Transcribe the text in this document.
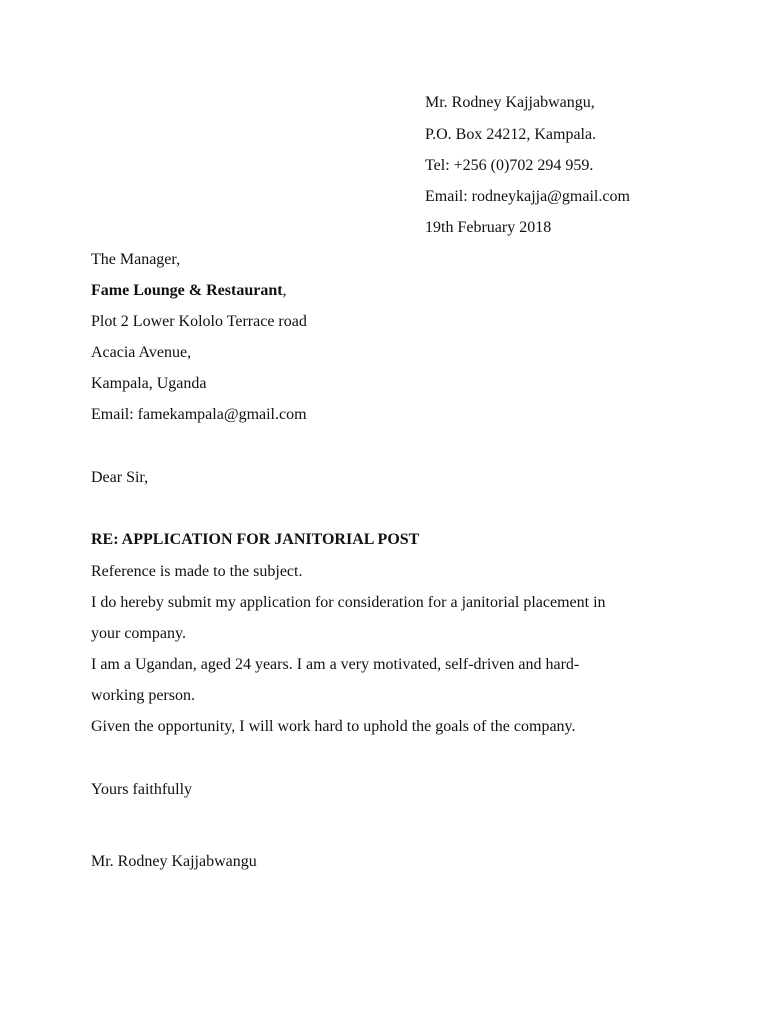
Mr. Rodney Kajjabwangu,
P.O. Box 24212, Kampala.
Tel: +256 (0)702 294 959.
Email: rodneykajja@gmail.com
19th February 2018
The Manager,
Fame Lounge & Restaurant,
Plot 2 Lower Kololo Terrace road
Acacia Avenue,
Kampala, Uganda
Email: famekampala@gmail.com
Dear Sir,
RE: APPLICATION FOR JANITORIAL POST
Reference is made to the subject.
I do hereby submit my application for consideration for a janitorial placement in
your company.
I am a Ugandan, aged 24 years. I am a very motivated, self-driven and hard-
working person.
Given the opportunity, I will work hard to uphold the goals of the company.
Yours faithfully
Mr. Rodney Kajjabwangu
